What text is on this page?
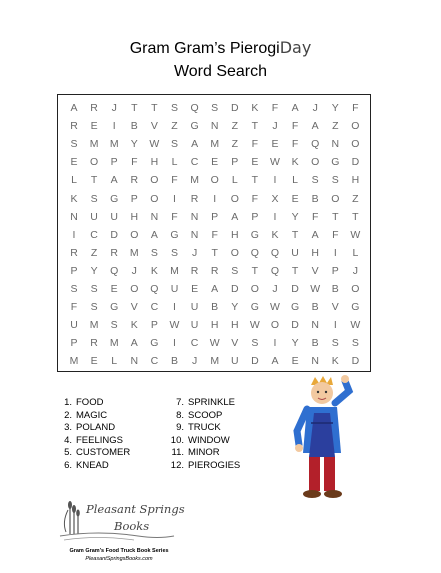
Gram Gram’s PierogiDay
Word Search
A	R	J	T	T	S	Q	S	D	K	F	A	J	Y	F
R	E	I	B	V	Z	G	N	Z	T	J	F	A	Z	O
S	M	M	Y	W	S	A	M	Z	F	E	F	Q	N	O
E	O	P	F	H	L	C	E	P	E	W	K	O	G	D
L	T	A	R	O	F	M	O	L	T	I	L	S	S	H
K	S	G	P	O	I	R	I	O	F	X	E	B	O	Z
N	U	U	H	N	F	N	P	A	P	I	Y	F	T	T
I	C	D	O	A	G	N	F	H	G	K	T	A	F	W
R	Z	R	M	S	S	J	T	O	Q	Q	U	H	I	L
P	Y	Q	J	K	M	R	R	S	T	Q	T	V	P	J
S	S	E	O	Q	U	E	A	D	O	J	D	W	B	O
F	S	G	V	C	I	U	B	Y	G	W	G	B	V	G
U	M	S	K	P	W	U	H	H	W	O	D	N	I	W
P	R	M	A	G	I	C	W	V	S	I	Y	B	S	S
M	E	L	N	C	B	J	M	U	D	A	E	N	K	D
1. FOOD
2. MAGIC
3. POLAND
4. FEELINGS
5. CUSTOMER
6. KNEAD
7. SPRINKLE
8. SCOOP
9. TRUCK
10. WINDOW
11. MINOR
12. PIEROGIES
Pleasant Springs
Books
Gram Gram's Food Truck Book Series
PleasantSpringsBooks.com
